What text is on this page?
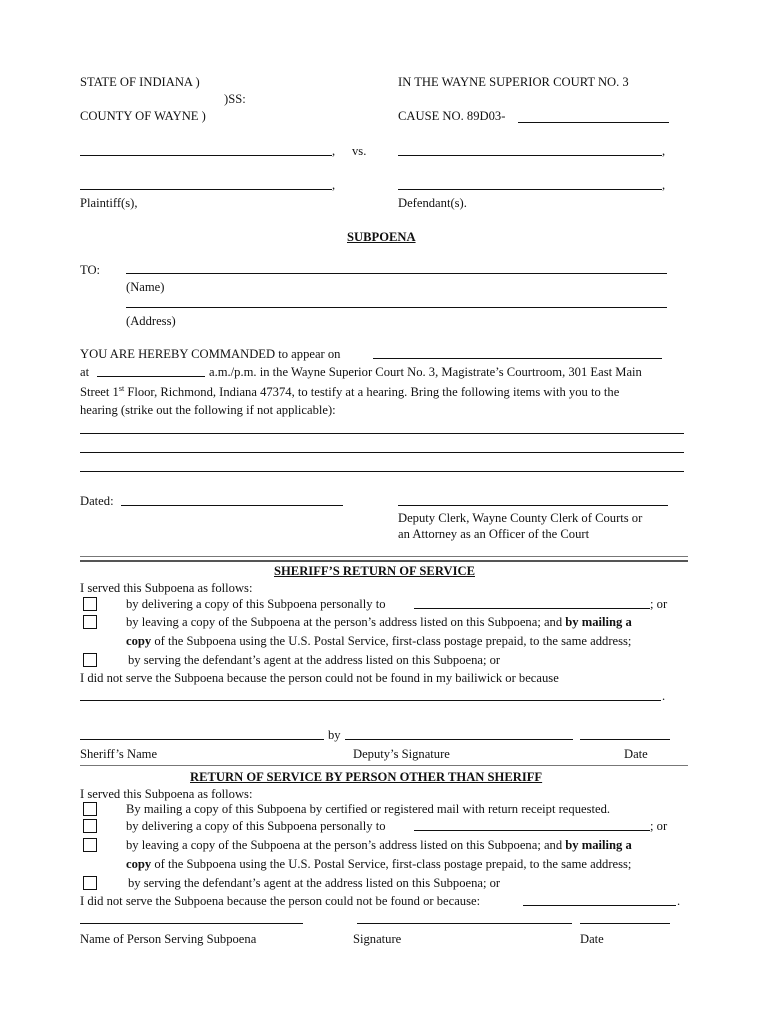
STATE OF INDIANA )
)SS:
COUNTY OF WAYNE )
IN THE WAYNE SUPERIOR COURT NO. 3
CAUSE NO. 89D03-
, vs.	,
,	,
Plaintiff(s),	Defendant(s).
SUBPOENA
TO:
(Name)
(Address)
YOU ARE HEREBY COMMANDED to appear on
at	a.m./p.m. in the Wayne Superior Court No. 3, Magistrate’s Courtroom, 301 East Main
Street 1st Floor, Richmond, Indiana 47374, to testify at a hearing. Bring the following items with you to the
hearing (strike out the following if not applicable):
Dated:
Deputy Clerk, Wayne County Clerk of Courts or
an Attorney as an Officer of the Court
SHERIFF’S RETURN OF SERVICE
I served this Subpoena as follows:
by delivering a copy of this Subpoena personally to	; or
by leaving a copy of the Subpoena at the person’s address listed on this Subpoena; and by mailing a
copy of the Subpoena using the U.S. Postal Service, first-class postage prepaid, to the same address;
by serving the defendant’s agent at the address listed on this Subpoena; or
I did not serve the Subpoena because the person could not be found in my bailiwick or because
.
by
Sheriff’s Name	Deputy’s Signature	Date
RETURN OF SERVICE BY PERSON OTHER THAN SHERIFF
I served this Subpoena as follows:
By mailing a copy of this Subpoena by certified or registered mail with return receipt requested.
by delivering a copy of this Subpoena personally to	; or
by leaving a copy of the Subpoena at the person’s address listed on this Subpoena; and by mailing a
copy of the Subpoena using the U.S. Postal Service, first-class postage prepaid, to the same address;
by serving the defendant’s agent at the address listed on this Subpoena; or
I did not serve the Subpoena because the person could not be found or because:	.
Name of Person Serving Subpoena	Signature	Date
